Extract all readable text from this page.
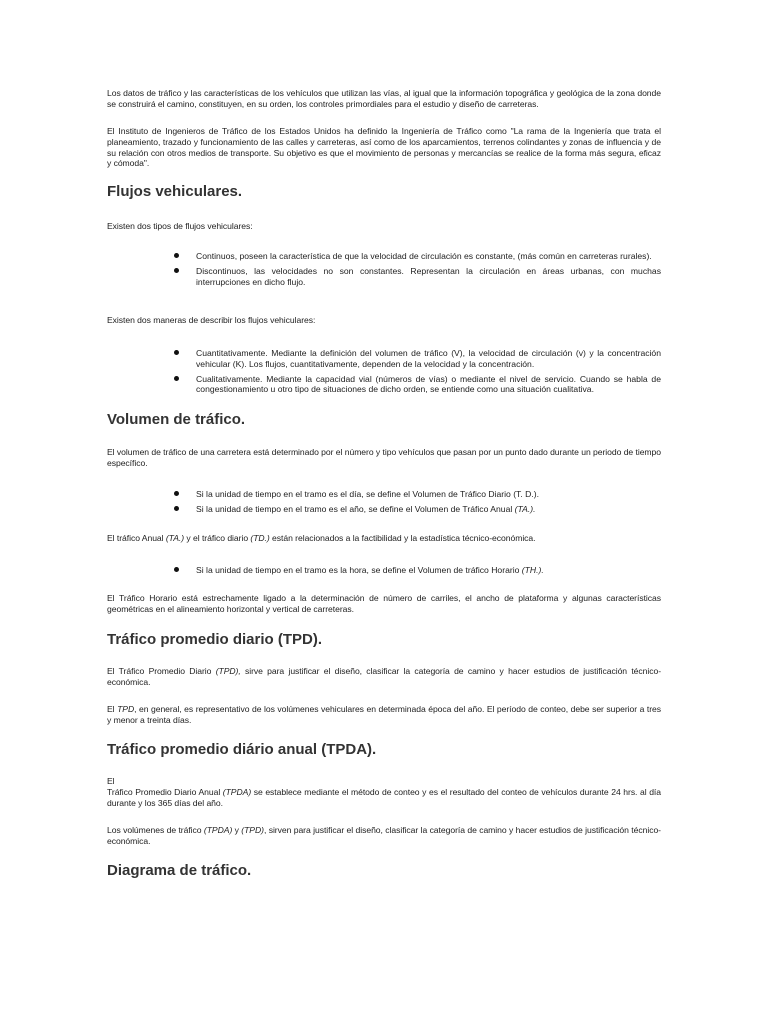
Los datos de tráfico y las características de los vehículos que utilizan las vías, al igual que la información topográfica y geológica de la zona donde se construirá el camino, constituyen, en su orden, los controles primordiales para el estudio y diseño de carreteras.
El Instituto de Ingenieros de Tráfico de los Estados Unidos ha definido la Ingeniería de Tráfico como "La rama de la Ingeniería que trata el planeamiento, trazado y funcionamiento de las calles y carreteras, así como de los aparcamientos, terrenos colindantes y zonas de influencia y de su relación con otros medios de transporte. Su objetivo es que el movimiento de personas y mercancías se realice de la forma más segura, eficaz y cómoda".
Flujos vehiculares.
Existen dos tipos de flujos vehiculares:
Continuos, poseen la característica de que la velocidad de circulación es constante, (más común en carreteras rurales).
Discontinuos, las velocidades no son constantes. Representan la circulación en áreas urbanas, con muchas interrupciones en dicho flujo.
Existen dos maneras de describir los flujos vehiculares:
Cuantitativamente. Mediante la definición del volumen de tráfico (V), la velocidad de circulación (v) y la concentración vehicular (K). Los flujos, cuantitativamente, dependen de la velocidad y la concentración.
Cualitativamente. Mediante la capacidad vial (números de vías) o mediante el nivel de servicio. Cuando se habla de congestionamiento u otro tipo de situaciones de dicho orden, se entiende como una situación cualitativa.
Volumen de tráfico.
El volumen de tráfico de una carretera está determinado por el número y tipo vehículos que pasan por un punto dado durante un periodo de tiempo específico.
Si la unidad de tiempo en el tramo es el día, se define el Volumen de Tráfico Diario (T. D.).
Si la unidad de tiempo en el tramo es el año, se define el Volumen de Tráfico Anual (TA.).
El tráfico Anual (TA.) y el tráfico diario (TD.) están relacionados a la factibilidad y la estadística técnico-económica.
Si la unidad de tiempo en el tramo es la hora, se define el Volumen de tráfico Horario (TH.).
El Tráfico Horario está estrechamente ligado a la determinación de número de carriles, el ancho de plataforma y algunas características geométricas en el alineamiento horizontal y vertical de carreteras.
Tráfico promedio diario (TPD).
El Tráfico Promedio Diario (TPD), sirve para justificar el diseño, clasificar la categoría de camino y hacer estudios de justificación técnico-económica.
El TPD, en general, es representativo de los volúmenes vehiculares en determinada época del año. El período de conteo, debe ser superior a tres y menor a treinta días.
Tráfico promedio diário anual (TPDA).
El
Tráfico Promedio Diario Anual (TPDA) se establece mediante el método de conteo y es el resultado del conteo de vehículos durante 24 hrs. al día durante y los 365 días del año.
Los volúmenes de tráfico (TPDA) y (TPD), sirven para justificar el diseño, clasificar la categoría de camino y hacer estudios de justificación técnico-económica.
Diagrama de tráfico.
